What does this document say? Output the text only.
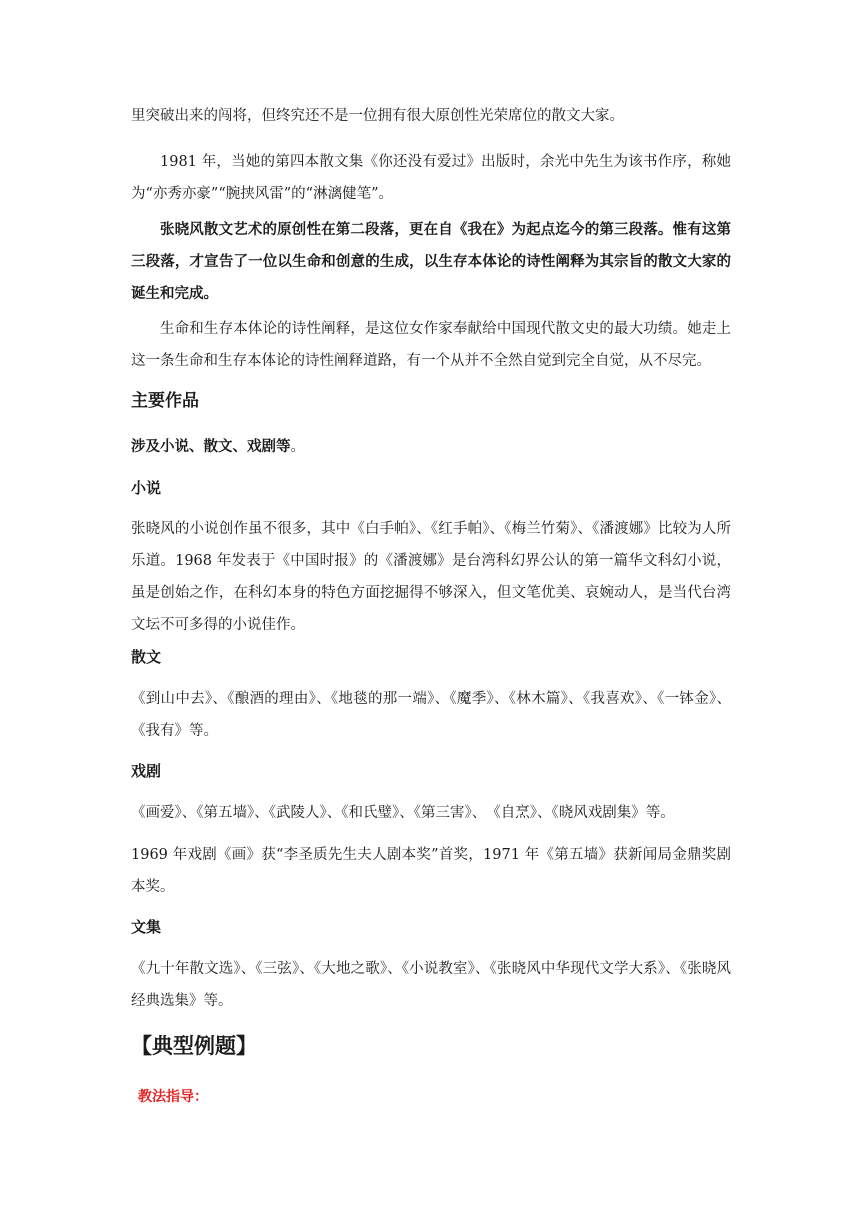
里突破出来的闯将，但终究还不是一位拥有很大原创性光荣席位的散文大家。
1981 年，当她的第四本散文集《你还没有爱过》出版时，余光中先生为该书作序，称她为“亦秀亦豪”“腕挟风雷”的“淋漓健笔”。
张晓风散文艺术的原创性在第二段落，更在自《我在》为起点迄今的第三段落。惟有这第三段落，才宣告了一位以生命和创意的生成，以生存本体论的诗性阐释为其宗旨的散文大家的诞生和完成。
生命和生存本体论的诗性阐释，是这位女作家奉献给中国现代散文史的最大功绩。她走上这一条生命和生存本体论的诗性阐释道路，有一个从并不全然自觉到完全自觉，从不尽完。
主要作品
涉及小说、散文、戏剧等。
小说
张晓风的小说创作虽不很多，其中《白手帕》、《红手帕》、《梅兰竹菊》、《潘渡娜》比较为人所乐道。1968 年发表于《中国时报》的《潘渡娜》是台湾科幻界公认的第一篇华文科幻小说，虽是创始之作，在科幻本身的特色方面挖掘得不够深入，但文笔优美、哀婉动人，是当代台湾文坛不可多得的小说佳作。
散文
《到山中去》、《酿酒的理由》、《地毯的那一端》、《魔季》、《林木篇》、《我喜欢》、《一钵金》、《我有》等。
戏剧
《画爱》、《第五墙》、《武陵人》、《和氏璧》、《第三害》、　《自烹》、《晓风戏剧集》等。
1969 年戏剧《画》获“李圣质先生夫人剧本奖”首奖，1971 年《第五墙》获新闻局金鼎奖剧本奖。
文集
《九十年散文选》、《三弦》、《大地之歌》、《小说教室》、《张晓风中华现代文学大系》、《张晓风经典选集》等。
【典型例题】
教法指导：
